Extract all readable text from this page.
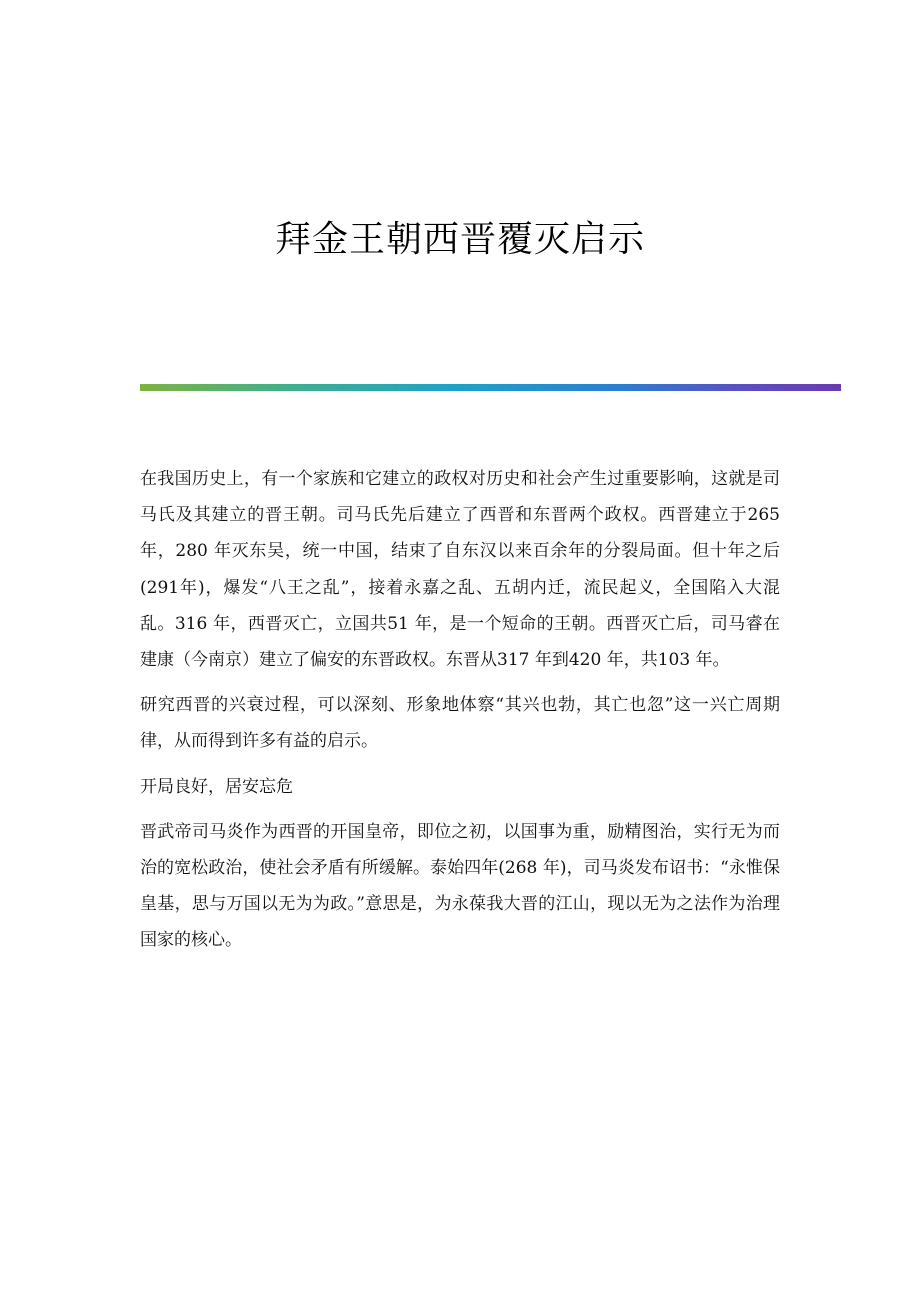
拜金王朝西晋覆灭启示

在我国历史上，有一个家族和它建立的政权对历史和社会产生过重要影响，这就是司马氏及其建立的晋王朝。司马氏先后建立了西晋和东晋两个政权。西晋建立于265 年，280 年灭东吴，统一中国，结束了自东汉以来百余年的分裂局面。但十年之后(291年)，爆发“八王之乱”，接着永嘉之乱、五胡内迁，流民起义，全国陷入大混乱。316 年，西晋灭亡，立国共51 年，是一个短命的王朝。西晋灭亡后，司马睿在建康（今南京）建立了偏安的东晋政权。东晋从317 年到420 年，共103 年。

研究西晋的兴衰过程，可以深刻、形象地体察“其兴也勃，其亡也忽”这一兴亡周期律，从而得到许多有益的启示。

开局良好，居安忘危

晋武帝司马炎作为西晋的开国皇帝，即位之初，以国事为重，励精图治，实行无为而治的宽松政治，使社会矛盾有所缓解。泰始四年(268 年)，司马炎发布诏书：“永惟保皇基，思与万国以无为为政。”意思是，为永葆我大晋的江山，现以无为之法作为治理国家的核心。
